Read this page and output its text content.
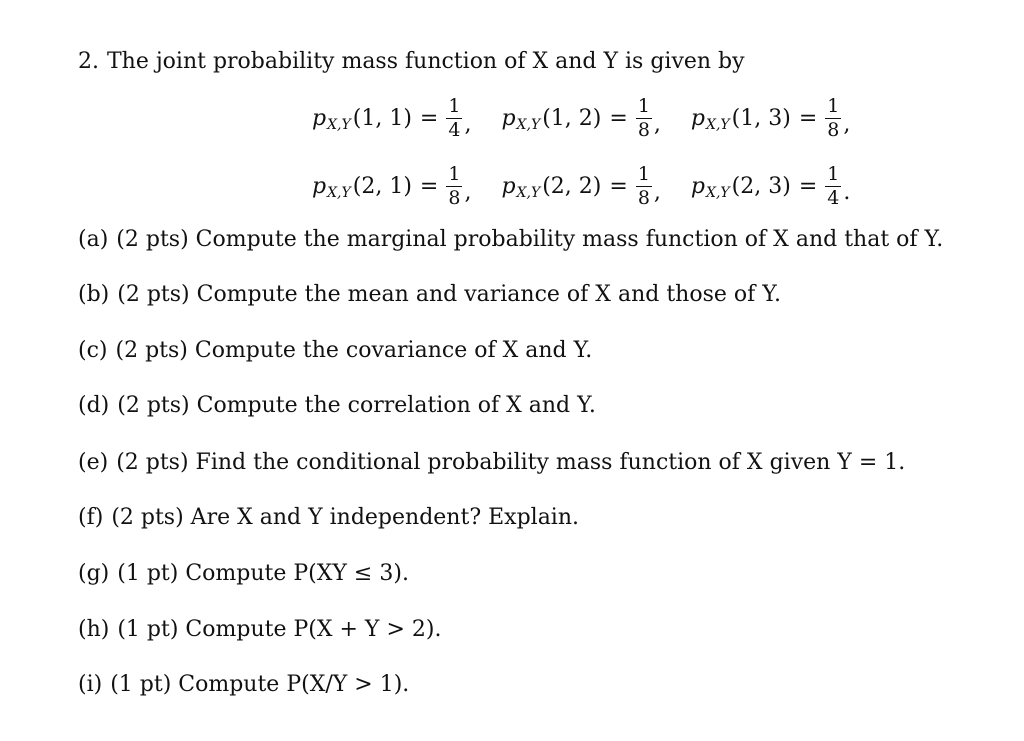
2. The joint probability mass function of X and Y is given by
p X,Y (1, $1) = \frac{1}{4}$ , p X,Y (1, $2) = \frac{1}{8}$ , p X,Y (1, $3) = \frac{1}{8}$ ,
p X,Y (2, $1) = \frac{1}{8}$ , p X,Y (2, $2) = \frac{1}{8}$ , p X,Y (2, $3) = \frac{1}{4}$ .
(a) (2 pts) Compute the marginal probability mass function of X and that of Y.
(b) (2 pts) Compute the mean and variance of X and those of Y.
(c) (2 pts) Compute the covariance of X and Y.
(d) (2 pts) Compute the correlation of X and Y.
(e) (2 pts) Find the conditional probability mass function of X given Y = 1.
(f) (2 pts) Are X and Y independent? Explain.
(g) (1 pt) Compute P(XY ≤ 3).
(h) (1 pt) Compute P(X + Y > 2).
(i) (1 pt) Compute P(X/Y > 1).
